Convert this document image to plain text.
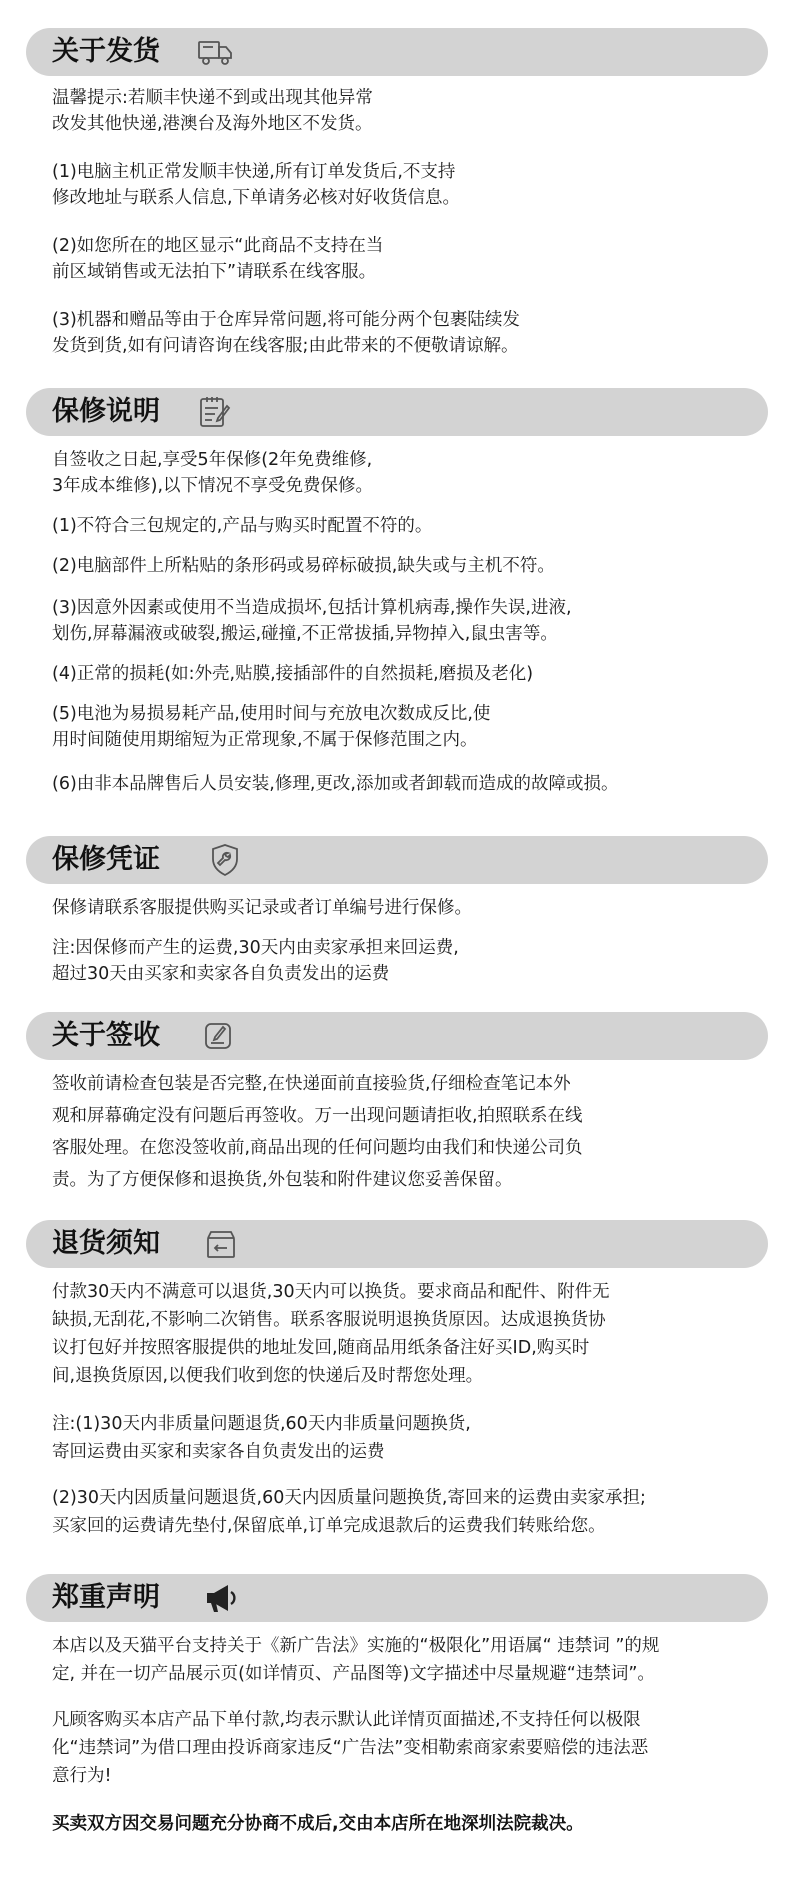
关于发货
温馨提示:若顺丰快递不到或出现其他异常
改发其他快递,港澳台及海外地区不发货。
(1)电脑主机正常发顺丰快递,所有订单发货后,不支持
修改地址与联系人信息,下单请务必核对好收货信息。
(2)如您所在的地区显示“此商品不支持在当
前区域销售或无法拍下”请联系在线客服。
(3)机器和赠品等由于仓库异常问题,将可能分两个包裹陆续发
发货到货,如有问请咨询在线客服;由此带来的不便敬请谅解。
保修说明
自签收之日起,享受5年保修(2年免费维修,
3年成本维修),以下情况不享受免费保修。
(1)不符合三包规定的,产品与购买时配置不符的。
(2)电脑部件上所粘贴的条形码或易碎标破损,缺失或与主机不符。
(3)因意外因素或使用不当造成损坏,包括计算机病毒,操作失误,进液,
划伤,屏幕漏液或破裂,搬运,碰撞,不正常拔插,异物掉入,鼠虫害等。
(4)正常的损耗(如:外壳,贴膜,接插部件的自然损耗,磨损及老化)
(5)电池为易损易耗产品,使用时间与充放电次数成反比,使
用时间随使用期缩短为正常现象,不属于保修范围之内。
(6)由非本品牌售后人员安装,修理,更改,添加或者卸载而造成的故障或损。
保修凭证
保修请联系客服提供购买记录或者订单编号进行保修。
注:因保修而产生的运费,30天内由卖家承担来回运费,
超过30天由买家和卖家各自负责发出的运费
关于签收
签收前请检查包装是否完整,在快递面前直接验货,仔细检查笔记本外
观和屏幕确定没有问题后再签收。万一出现问题请拒收,拍照联系在线
客服处理。在您没签收前,商品出现的任何问题均由我们和快递公司负
责。为了方便保修和退换货,外包装和附件建议您妥善保留。
退货须知
付款30天内不满意可以退货,30天内可以换货。要求商品和配件、附件无
缺损,无刮花,不影响二次销售。联系客服说明退换货原因。达成退换货协
议打包好并按照客服提供的地址发回,随商品用纸条备注好买ID,购买时
间,退换货原因,以便我们收到您的快递后及时帮您处理。
注:(1)30天内非质量问题退货,60天内非质量问题换货,
寄回运费由买家和卖家各自负责发出的运费
(2)30天内因质量问题退货,60天内因质量问题换货,寄回来的运费由卖家承担;
买家回的运费请先垫付,保留底单,订单完成退款后的运费我们转账给您。
郑重声明
本店以及天猫平台支持关于《新广告法》实施的“极限化”用语属“ 违禁词 ”的规
定, 并在一切产品展示页(如详情页、产品图等)文字描述中尽量规避“违禁词”。
凡顾客购买本店产品下单付款,均表示默认此详情页面描述,不支持任何以极限
化“违禁词”为借口理由投诉商家违反“广告法”变相勒索商家索要赔偿的违法恶
意行为!
买卖双方因交易问题充分协商不成后,交由本店所在地深圳法院裁决。
